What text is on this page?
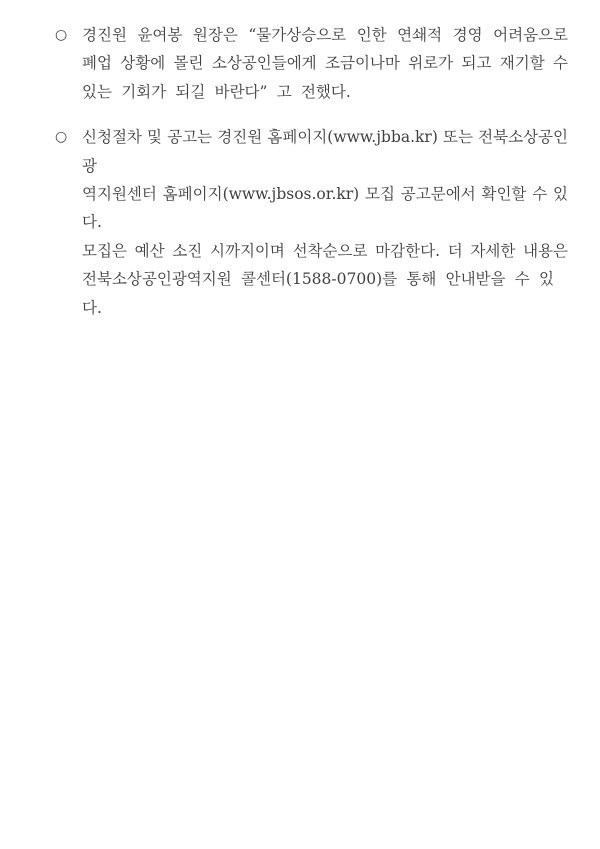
○ 경진원 윤여봉 원장은 “물가상승으로 인한 연쇄적 경영 어려움으로
폐업 상황에 몰린 소상공인들에게 조금이나마 위로가 되고 재기할 수
있는 기회가 되길 바란다” 고 전했다.
○ 신청절차 및 공고는 경진원 홈페이지(www.jbba.kr) 또는 전북소상공인광
역지원센터 홈페이지(www.jbsos.or.kr) 모집 공고문에서 확인할 수 있다.
모집은 예산 소진 시까지이며 선착순으로 마감한다. 더 자세한 내용은
전북소상공인광역지원 콜센터(1588-0700)를 통해 안내받을 수 있다.
